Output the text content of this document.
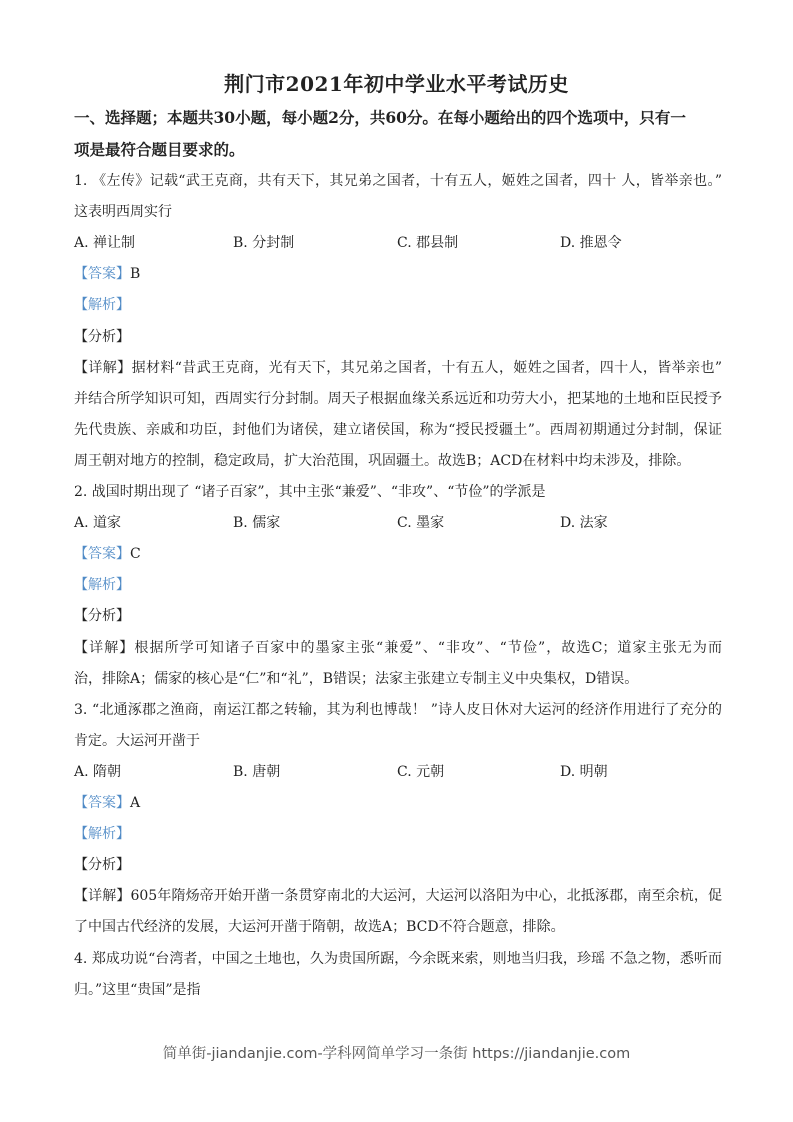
荆门市2021年初中学业水平考试历史
一、选择题；本题共30小题，每小题2分，共60分。在每小题给出的四个选项中，只有一
项是最符合题目要求的。
1. 《左传》记载“武王克商，共有天下，其兄弟之国者，十有五人，姬姓之国者，四十 人，皆举亲也。”
这表明西周实行
A. 禅让制	B. 分封制	C. 郡县制	D. 推恩令
【答案】B
【解析】
【分析】
【详解】据材料“昔武王克商，光有天下，其兄弟之国者，十有五人，姬姓之国者，四十人，皆举亲也”
并结合所学知识可知，西周实行分封制。周天子根据血缘关系远近和功劳大小，把某地的土地和臣民授予
先代贵族、亲戚和功臣，封他们为诸侯，建立诸侯国，称为“授民授疆土”。西周初期通过分封制，保证
周王朝对地方的控制，稳定政局，扩大治范围，巩固疆土。故选B；ACD在材料中均未涉及，排除。
2. 战国时期出现了 “诸子百家”，其中主张“兼爱”、“非攻”、“节俭”的学派是
A. 道家	B. 儒家	C. 墨家	D. 法家
【答案】C
【解析】
【分析】
【详解】根据所学可知诸子百家中的墨家主张“兼爱”、“非攻”、“节俭”，故选C；道家主张无为而
治，排除A；儒家的核心是“仁”和“礼”，B错误；法家主张建立专制主义中央集权，D错误。
3. “北通涿郡之渔商，南运江都之转输，其为利也博哉！ ”诗人皮日休对大运河的经济作用进行了充分的
肯定。大运河开凿于
A. 隋朝	B. 唐朝	C. 元朝	D. 明朝
【答案】A
【解析】
【分析】
【详解】605年隋炀帝开始开凿一条贯穿南北的大运河，大运河以洛阳为中心，北抵涿郡，南至余杭，促
了中国古代经济的发展，大运河开凿于隋朝，故选A；BCD不符合题意，排除。
4. 郑成功说“台湾者，中国之土地也，久为贵国所踞，今余既来索，则地当归我，珍瑶 不急之物，悉听而
归。”这里“贵国”是指
简单街-jiandanjie.com-学科网简单学习一条街 https://jiandanjie.com
